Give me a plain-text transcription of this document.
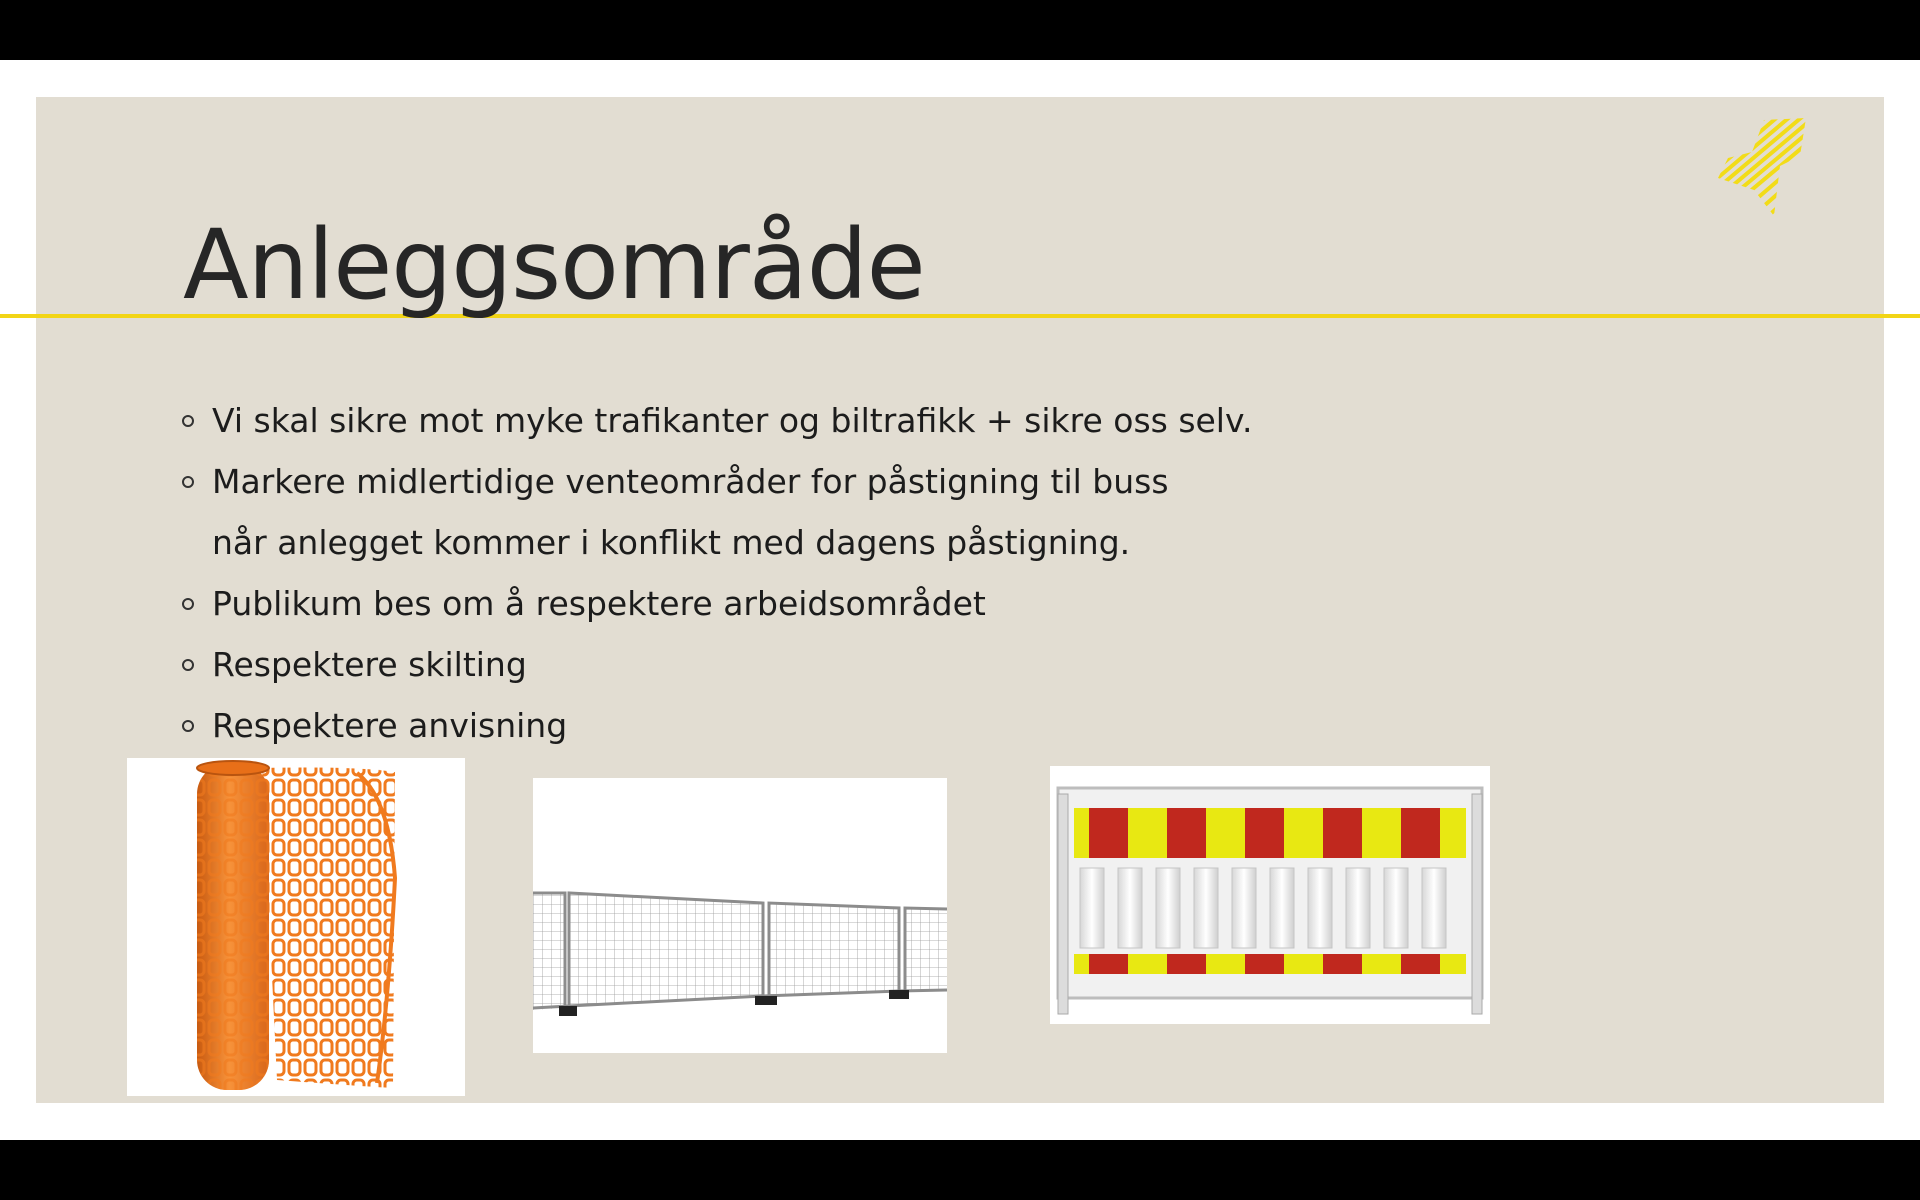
Anleggsområde
Vi skal sikre mot myke trafikanter og biltrafikk + sikre oss selv.
Markere midlertidige venteområder for påstigning til buss
når anlegget kommer i konflikt med dagens påstigning.
Publikum bes om å respektere arbeidsområdet
Respektere skilting
Respektere anvisning
